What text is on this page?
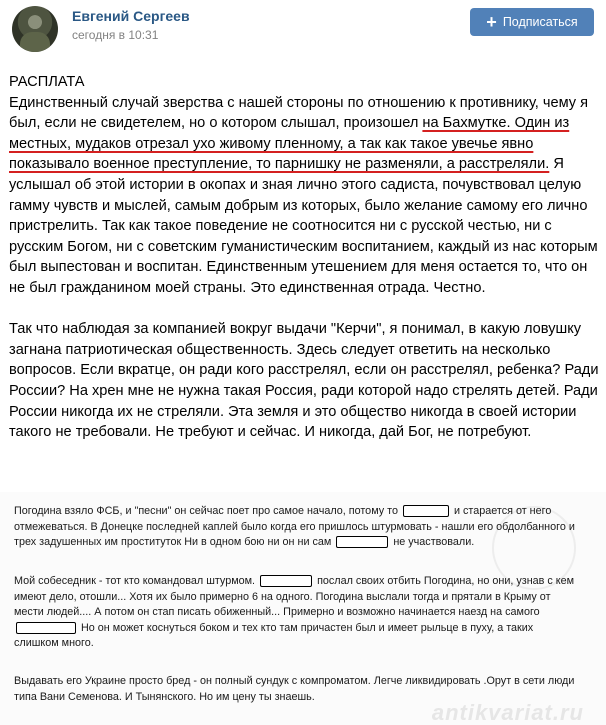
Евгений Сергеев
сегодня в 10:31
+ Подписаться

РАСПЛАТА

Единственный случай зверства с нашей стороны по отношению к противнику, чему я был, если не свидетелем, но о котором слышал, произошел на Бахмутке. Один из местных, мудаков отрезал ухо живому пленному, а так как такое увечье явно показывало военное преступление, то парнишку не разменяли, а расстреляли. Я услышал об этой истории в окопах и зная лично этого садиста, почувствовал целую гамму чувств и мыслей, самым добрым из которых, было желание самому его лично пристрелить. Так как такое поведение не соотносится ни с русской честью, ни с русским Богом, ни с советским гуманистическим воспитанием, каждый из нас которым был выпестован и воспитан. Единственным утешением для меня остается то, что он не был гражданином моей страны. Это единственная отрада. Честно.

Так что наблюдая за компанией вокруг выдачи "Керчи", я понимал, в какую ловушку загнана патриотическая общественность. Здесь следует ответить на несколько вопросов. Если вкратце, он ради кого расстрелял, если он расстрелял, ребенка? Ради России? На хрен мне не нужна такая Россия, ради которой надо стрелять детей. Ради России никогда их не стреляли. Эта земля и это общество никогда в своей истории такого не требовали. Не требуют и сейчас. И никогда, дай Бог, не потребуют.

Погодина взяло ФСБ, и "песни" он сейчас поет про самое начало, потому то	и старается от него отмежеваться. В Донецке последней каплей было когда его пришлось штурмовать - нашли его обдолбанного и трех задушенных им проституток Ни в одном бою ни он ни сам	не участвовали.
Мой собеседник - тот кто командовал штурмом.	послал своих отбить Погодина, но они, узнав с кем имеют дело, отошли... Хотя их было примерно 6 на одного. Погодина выслали тогда и прятали в Крыму от мести людей.... А потом он стап писать обиженный... Примерно и возможно начинается наезд на самого  Но он может коснуться боком и тех кто там причастен был и имеет рыльце в пуху, а таких слишком много.
Выдавать его Украине просто бред - он полный сундук с компроматом. Легче ликвидировать .Орут в сети люди типа Вани Семенова. И Тынянского. Но им цену ты знаешь.
antikvariat.ru
